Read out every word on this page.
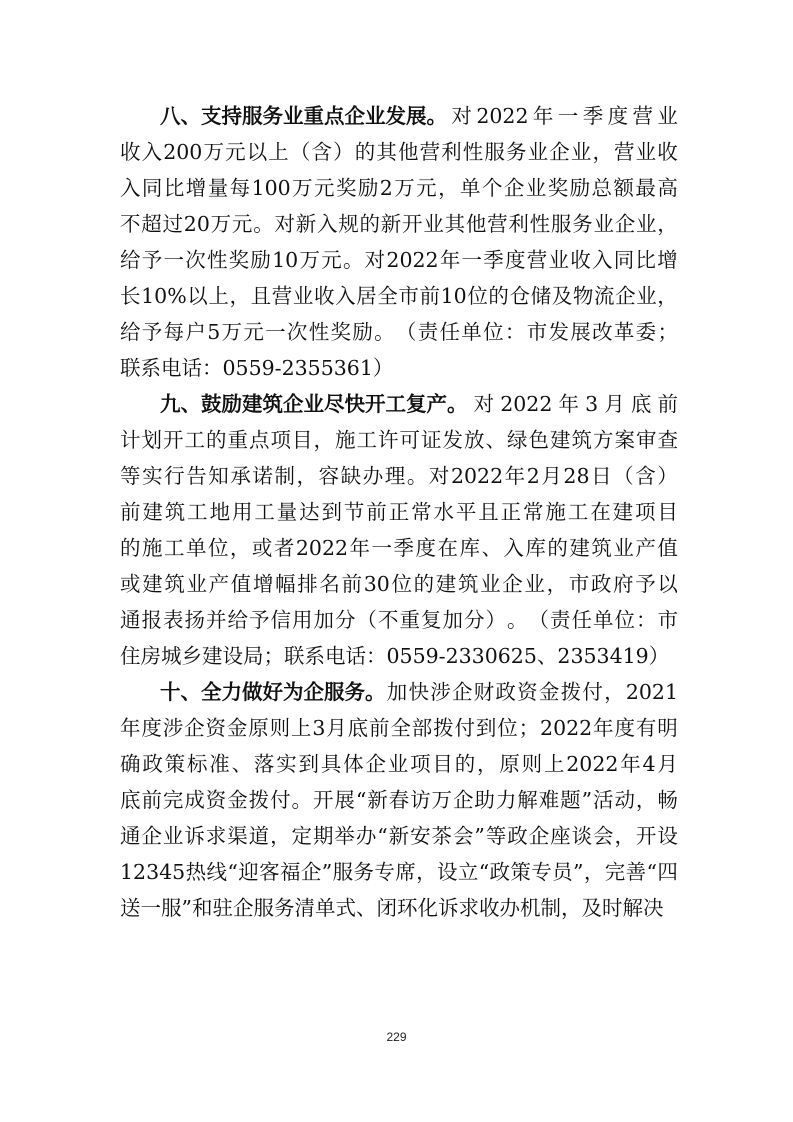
八、支持服务业重点企业发展。 对 2022 年 一 季 度 营 业
收 入 200 万 元 以 上 （ 含 ） 的 其 他 营 利 性 服 务 业 企 业 ， 营 业 收
入 同 比 增 量 每 100 万 元 奖 励 2 万 元 ， 单 个 企 业 奖 励 总 额 最 高
不 超 过 20 万 元 。 对 新 入 规 的 新 开 业 其 他 营 利 性 服 务 业 企 业 ，
给 予 一 次 性 奖 励 10 万 元 。 对 2022 年 一 季 度 营 业 收 入 同 比 增
长 10% 以 上 ， 且 营 业 收 入 居 全 市 前 10 位 的 仓 储 及 物 流 企 业 ，
给 予 每 户 5 万 元 一 次 性 奖 励 。 （ 责 任 单 位 ： 市 发 展 改 革 委 ；
联 系 电 话 ： 0559-2355361 ）
九、鼓励建筑企业尽快开工复产。 对 2022 年 3 月 底 前
计 划 开 工 的 重 点 项 目 ， 施 工 许 可 证 发 放 、 绿 色 建 筑 方 案 审 查
等 实 行 告 知 承 诺 制 ， 容 缺 办 理 。 对 2022 年 2 月 28 日 （ 含 ）
前 建 筑 工 地 用 工 量 达 到 节 前 正 常 水 平 且 正 常 施 工 在 建 项 目
的 施 工 单 位 ， 或 者 2022 年 一 季 度 在 库 、 入 库 的 建 筑 业 产 值
或 建 筑 业 产 值 增 幅 排 名 前 30 位 的 建 筑 业 企 业 ， 市 政 府 予 以
通 报 表 扬 并 给 予 信 用 加 分 （ 不 重 复 加 分 ） 。 （ 责 任 单 位 ： 市
住 房 城 乡 建 设 局 ； 联 系 电 话 ： 0559-2330625 、 2353419 ）
十、全力做好为企服务。 加 快 涉 企 财 政 资 金 拨 付 ， 2021
年 度 涉 企 资 金 原 则 上 3 月 底 前 全 部 拨 付 到 位 ； 2022 年 度 有 明
确 政 策 标 准 、 落 实 到 具 体 企 业 项 目 的 ， 原 则 上 2022 年 4 月
底 前 完 成 资 金 拨 付 。 开 展 “ 新 春 访 万 企 助 力 解 难 题 ” 活 动 ， 畅
通 企 业 诉 求 渠 道 ， 定 期 举 办 “ 新 安 茶 会 ” 等 政 企 座 谈 会 ， 开 设
12345 热 线 “ 迎 客 福 企 ” 服 务 专 席 ， 设 立 “ 政 策 专 员 ” ， 完 善 “ 四
送 一 服 ” 和 驻 企 服 务 清 单 式 、 闭 环 化 诉 求 收 办 机 制 ， 及 时 解 决
229
